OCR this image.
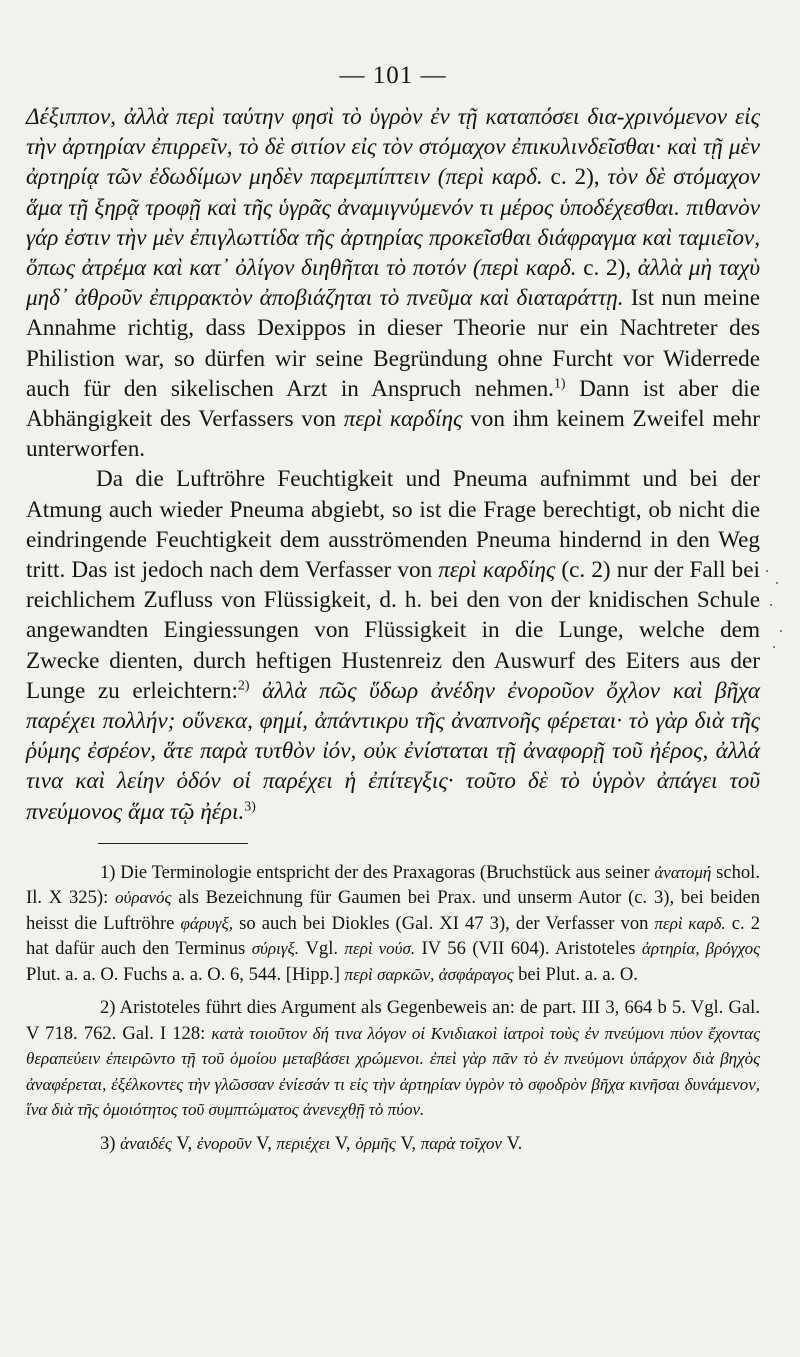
— 101 —

Δέξιππον, ἀλλὰ περὶ ταύτην φησὶ τὸ ὑγρὸν ἐν τῇ καταπόσει δια-χρινόμενον εἰς τὴν ἀρτηρίαν ἐπιρρεῖν, τὸ δὲ σιτίον εἰς τὸν στόμαχον ἐπικυλινδεῖσθαι· καὶ τῇ μὲν ἀρτηρίᾳ τῶν ἐδωδίμων μηδὲν παρεμπίπτειν (περὶ καρδ. c. 2), τὸν δὲ στόμαχον ἅμα τῇ ξηρᾷ τροφῇ καὶ τῆς ὑγρᾶς ἀναμιγνύμενόν τι μέρος ὑποδέχεσθαι. πιθανὸν γάρ ἐστιν τὴν μὲν ἐπιγλωττίδα τῆς ἀρτηρίας προκεῖσθαι διάφραγμα καὶ ταμιεῖον, ὅπως ἀτρέμα καὶ κατ᾽ ὀλίγον διηθῆται τὸ ποτόν (περὶ καρδ. c. 2), ἀλλὰ μὴ ταχὺ μηδ᾽ ἀθροῦν ἐπιρρακτὸν ἀποβιάζηται τὸ πνεῦμα καὶ διαταράττῃ. Ist nun meine Annahme richtig, dass Dexippos in dieser Theorie nur ein Nachtreter des Philistion war, so dürfen wir seine Begründung ohne Furcht vor Widerrede auch für den sikelischen Arzt in Anspruch nehmen.$^{1)}$ Dann ist aber die Abhängigkeit des Verfassers von περὶ καρδίης von ihm keinem Zweifel mehr unterworfen.

Da die Luftröhre Feuchtigkeit und Pneuma aufnimmt und bei der Atmung auch wieder Pneuma abgiebt, so ist die Frage berechtigt, ob nicht die eindringende Feuchtigkeit dem ausströmenden Pneuma hindernd in den Weg tritt. Das ist jedoch nach dem Verfasser von περὶ καρδίης (c. 2) nur der Fall bei reichlichem Zufluss von Flüssigkeit, d. h. bei den von der knidischen Schule angewandten Eingiessungen von Flüssigkeit in die Lunge, welche dem Zwecke dienten, durch heftigen Hustenreiz den Auswurf des Eiters aus der Lunge zu erleichtern:$^{2)}$ ἀλλὰ πῶς ὕδωρ ἀνέδην ἐνοροῦον ὄχλον καὶ βῆχα παρέχει πολλήν; οὕνεκα, φημί, ἀπάντικρυ τῆς ἀναπνοῆς φέρεται· τὸ γὰρ διὰ τῆς ῥύμης ἐσρέον, ἅτε παρὰ τυτθὸν ἰόν, οὐκ ἐνίσταται τῇ ἀναφορῇ τοῦ ἠέρος, ἀλλά τινα καὶ λείην ὁδόν οἱ παρέχει ἡ ἐπίτεγξις· τοῦτο δὲ τὸ ὑγρὸν ἀπάγει τοῦ πνεύμονος ἅμα τῷ ἠέρι.$^{3)}$

1) Die Terminologie entspricht der des Praxagoras (Bruchstück aus seiner ἀνατομή schol. Il. X 325): οὐρανός als Bezeichnung für Gaumen bei Prax. und unserm Autor (c. 3), bei beiden heisst die Luftröhre φάρυγξ, so auch bei Diokles (Gal. XI 47 3), der Verfasser von περὶ καρδ. c. 2 hat dafür auch den Terminus σύριγξ. Vgl. περὶ νούσ. IV 56 (VII 604). Aristoteles ἀρτηρία, βρόγχος Plut. a. a. O. Fuchs a. a. O. 6, 544. [Hipp.] περὶ σαρκῶν, ἀσφάραγος bei Plut. a. a. O.

2) Aristoteles führt dies Argument als Gegenbeweis an: de part. III 3, 664 b 5. Vgl. Gal. V 718. 762. Gal. I 128: κατὰ τοιοῦτον δή τινα λόγον οἱ Κνιδιακοὶ ἰατροὶ τοὺς ἐν πνεύμονι πύον ἔχοντας θεραπεύειν ἐπειρῶντο τῇ τοῦ ὁμοίου μεταβάσει χρώμενοι. ἐπεὶ γὰρ πᾶν τὸ ἐν πνεύμονι ὑπάρχον διὰ βηχὸς ἀναφέρεται, ἐξέλκοντες τὴν γλῶσσαν ἐνίεσάν τι εἰς τὴν ἀρτηρίαν ὑγρὸν τὸ σφοδρὸν βῆχα κινῆσαι δυνάμενον, ἵνα διὰ τῆς ὁμοιότητος τοῦ συμπτώματος ἀνενεχθῇ τὸ πύον.

3) ἀναιδές V, ἐνοροῦν V, περιέχει V, ὁρμῆς V, παρὰ τοῖχον V.
